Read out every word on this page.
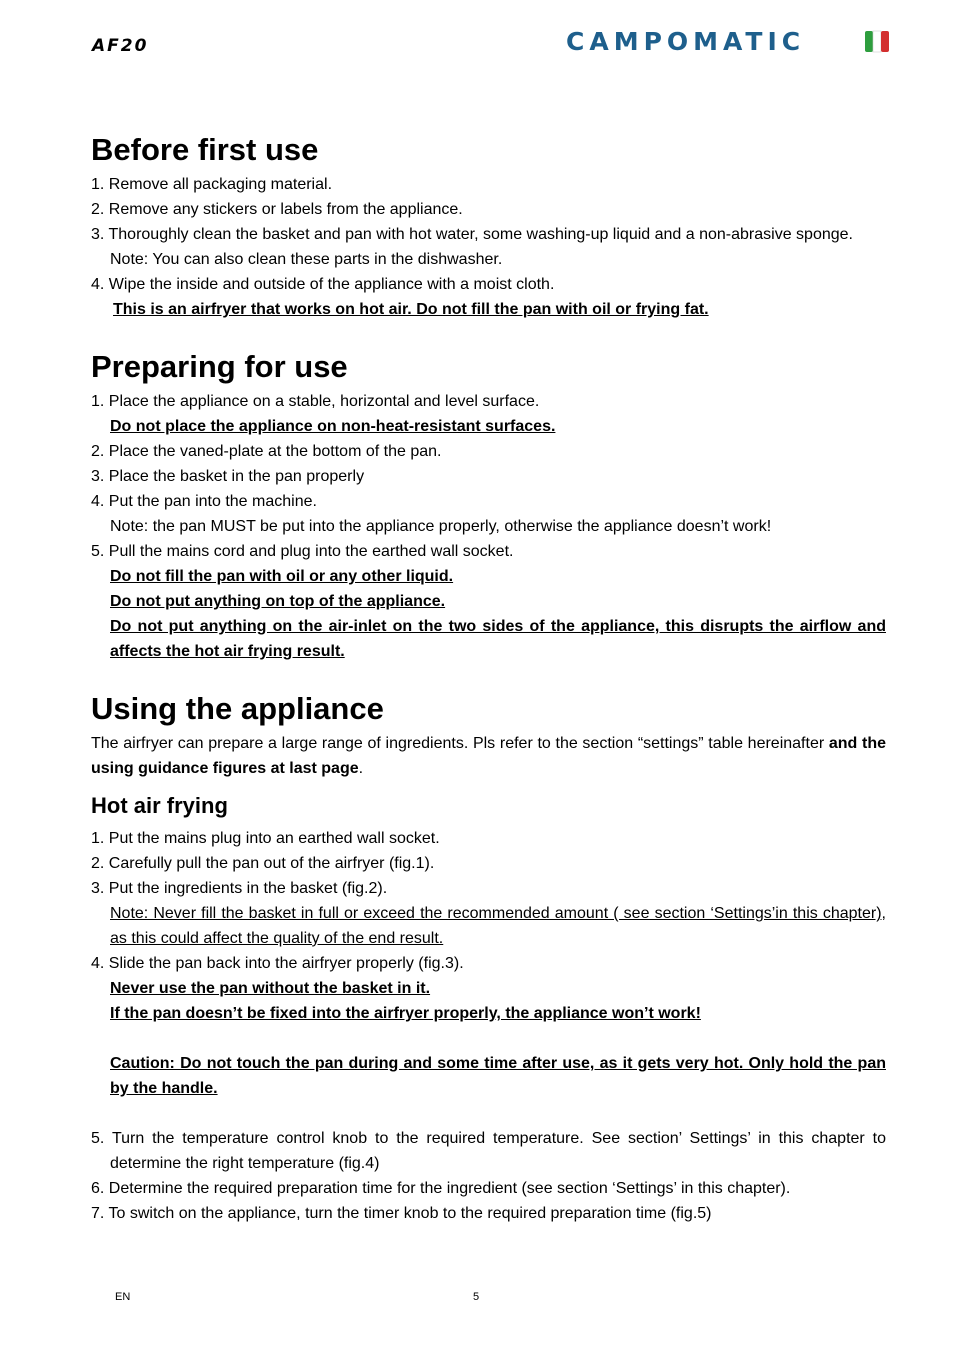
AF20	CAMPOMATIC
Before first use

1. Remove all packaging material.

2. Remove any stickers or labels from the appliance.

3. Thoroughly clean the basket and pan with hot water, some washing-up liquid and a non-abrasive sponge.

Note: You can also clean these parts in the dishwasher.

4. Wipe the inside and outside of the appliance with a moist cloth.

This is an airfryer that works on hot air. Do not fill the pan with oil or frying fat.

Preparing for use

1. Place the appliance on a stable, horizontal and level surface.

Do not place the appliance on non-heat-resistant surfaces.

2. Place the vaned-plate at the bottom of the pan.

3. Place the basket in the pan properly

4. Put the pan into the machine.

Note: the pan MUST be put into the appliance properly, otherwise the appliance doesn’t work!

5. Pull the mains cord and plug into the earthed wall socket.

Do not fill the pan with oil or any other liquid.

Do not put anything on top of the appliance.

Do not put anything on the air-inlet on the two sides of the appliance, this disrupts the airflow and affects the hot air frying result.

Using the appliance

The airfryer can prepare a large range of ingredients. Pls refer to the section “settings” table hereinafter and the using guidance figures at last page.

Hot air frying

1. Put the mains plug into an earthed wall socket.

2. Carefully pull the pan out of the airfryer (fig.1).

3. Put the ingredients in the basket (fig.2).

Note: Never fill the basket in full or exceed the recommended amount ( see section ‘Settings’in this chapter), as this could affect the quality of the end result.

4. Slide the pan back into the airfryer properly (fig.3).

Never use the pan without the basket in it.

If the pan doesn’t be fixed into the airfryer properly, the appliance won’t work!

Caution: Do not touch the pan during and some time after use, as it gets very hot. Only hold the pan by the handle.

5. Turn the temperature control knob to the required temperature. See section’ Settings’ in this chapter to determine the right temperature (fig.4)

6. Determine the required preparation time for the ingredient (see section ‘Settings’ in this chapter).

7. To switch on the appliance, turn the timer knob to the required preparation time (fig.5)

EN	5
